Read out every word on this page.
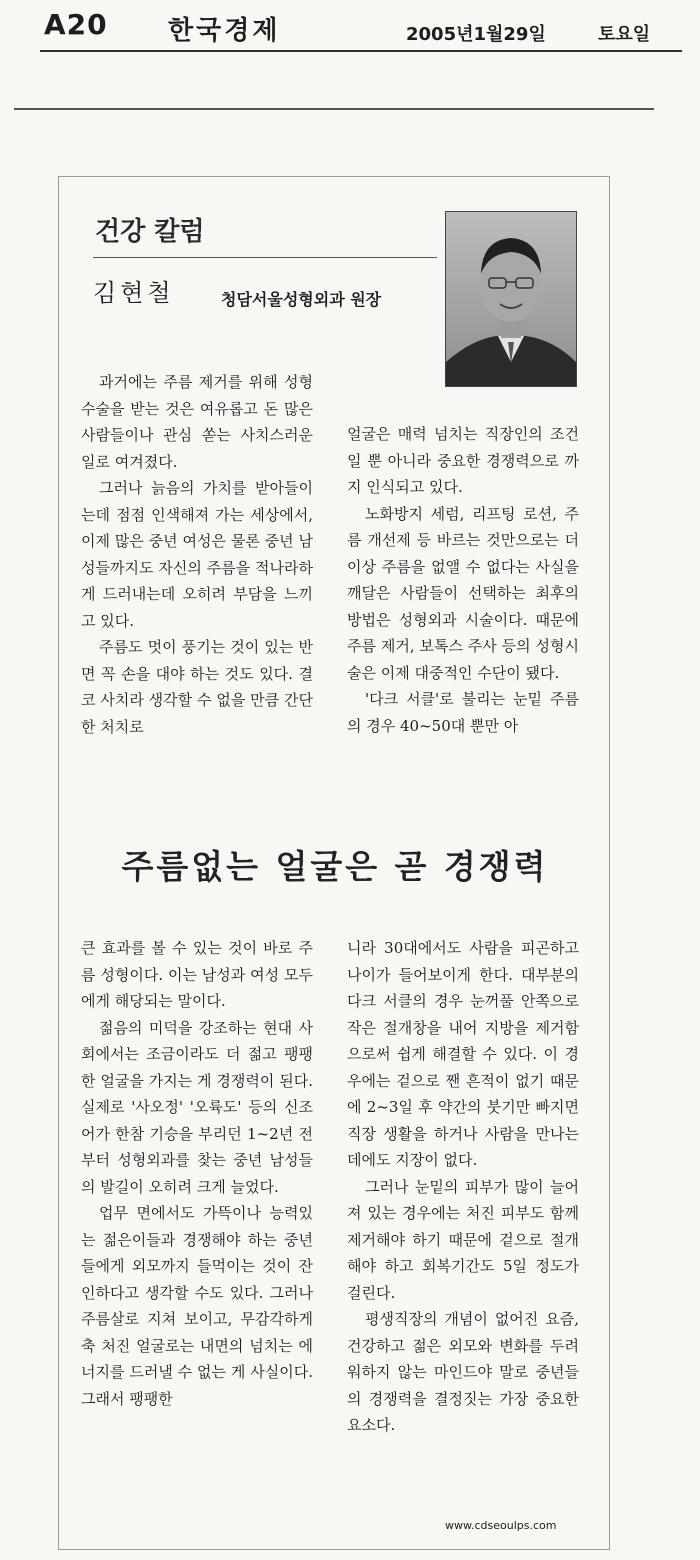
A20 한국경제	2005년1월29일	토요일
건강 칼럼
김현철	청담서울성형외과 원장

과거에는 주름 제거를 위해 성형수술을 받는 것은 여유롭고 돈 많은 사람들이나 관심 쏟는 사치스러운 일로 여겨졌다.

그러나 늙음의 가치를 받아들이는데 점점 인색해져 가는 세상에서, 이제 많은 중년 여성은 물론 중년 남성들까지도 자신의 주름을 적나라하게 드러내는데 오히려 부담을 느끼고 있다.

주름도 멋이 풍기는 것이 있는 반면 꼭 손을 대야 하는 것도 있다. 결코 사치라 생각할 수 없을 만큼 간단한 처치로

얼굴은 매력 넘치는 직장인의 조건일 뿐 아니라 중요한 경쟁력으로 까지 인식되고 있다.

노화방지 세럼, 리프팅 로션, 주름 개선제 등 바르는 것만으로는 더 이상 주름을 없앨 수 없다는 사실을 깨달은 사람들이 선택하는 최후의 방법은 성형외과 시술이다. 때문에 주름 제거, 보톡스 주사 등의 성형시술은 이제 대중적인 수단이 됐다.

'다크 서클'로 불리는 눈밑 주름의 경우 40~50대 뿐만 아

주름없는 얼굴은 곧 경쟁력

큰 효과를 볼 수 있는 것이 바로 주름 성형이다. 이는 남성과 여성 모두에게 해당되는 말이다.

젊음의 미덕을 강조하는 현대 사회에서는 조금이라도 더 젊고 팽팽한 얼굴을 가지는 게 경쟁력이 된다. 실제로 '사오정' '오륙도' 등의 신조어가 한참 기승을 부리던 1~2년 전부터 성형외과를 찾는 중년 남성들의 발길이 오히려 크게 늘었다.

업무 면에서도 가뜩이나 능력있는 젊은이들과 경쟁해야 하는 중년들에게 외모까지 들먹이는 것이 잔인하다고 생각할 수도 있다. 그러나 주름살로 지쳐 보이고, 무감각하게 축 처진 얼굴로는 내면의 넘치는 에너지를 드러낼 수 없는 게 사실이다. 그래서 팽팽한

니라 30대에서도 사람을 피곤하고 나이가 들어보이게 한다. 대부분의 다크 서클의 경우 눈꺼풀 안쪽으로 작은 절개창을 내어 지방을 제거함으로써 쉽게 해결할 수 있다. 이 경우에는 겉으로 짼 흔적이 없기 때문에 2~3일 후 약간의 붓기만 빠지면 직장 생활을 하거나 사람을 만나는 데에도 지장이 없다.

그러나 눈밑의 피부가 많이 늘어져 있는 경우에는 처진 피부도 함께 제거해야 하기 때문에 겉으로 절개해야 하고 회복기간도 5일 정도가 걸린다.

평생직장의 개념이 없어진 요즘, 건강하고 젊은 외모와 변화를 두려워하지 않는 마인드야 말로 중년들의 경쟁력을 결정짓는 가장 중요한 요소다.

www.cdseoulps.com
